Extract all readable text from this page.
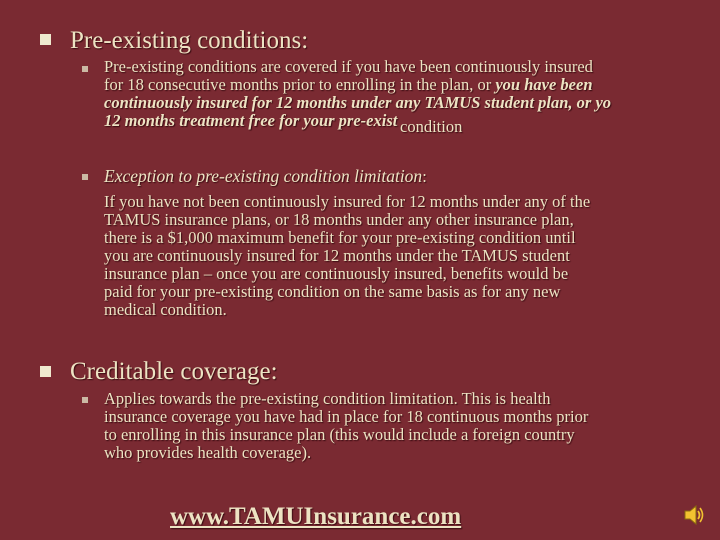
Pre-existing conditions:
Pre-existing conditions are covered if you have been continuously insured
for 18 consecutive months prior to enrolling in the plan, or you have been
continuously insured for 12 months under any TAMUS student plan, or yo
12 months treatment free for your pre-exist condition
Exception to pre-existing condition limitation:
If you have not been continuously insured for 12 months under any of the
TAMUS insurance plans, or 18 months under any other insurance plan,
there is a $1,000 maximum benefit for your pre-existing condition until
you are continuously insured for 12 months under the TAMUS student
insurance plan – once you are continuously insured, benefits would be
paid for your pre-existing condition on the same basis as for any new
medical condition.
Creditable coverage:
Applies towards the pre-existing condition limitation. This is health
insurance coverage you have had in place for 18 continuous months prior
to enrolling in this insurance plan (this would include a foreign country
who provides health coverage).
www.TAMUInsurance.com
